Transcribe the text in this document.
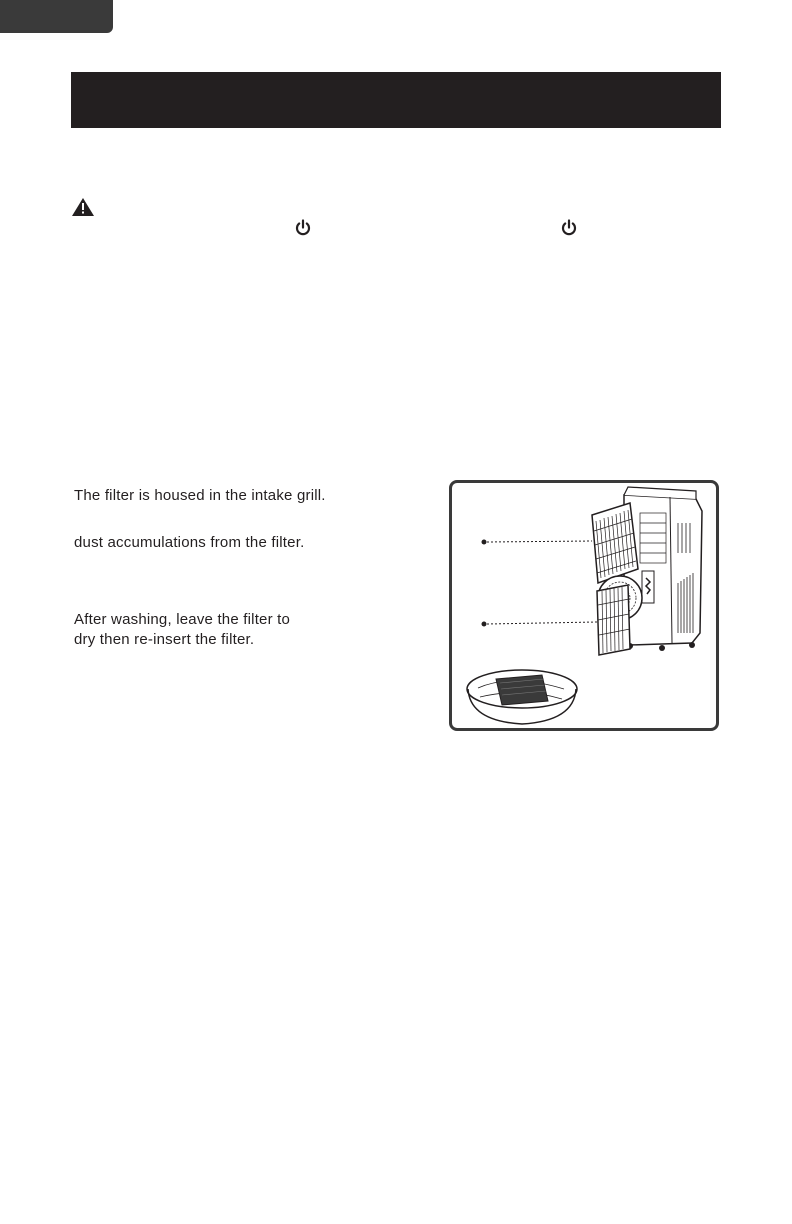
The filter is housed in the intake grill.
dust accumulations from the filter.
After washing, leave the filter to
dry then re-insert the filter.
